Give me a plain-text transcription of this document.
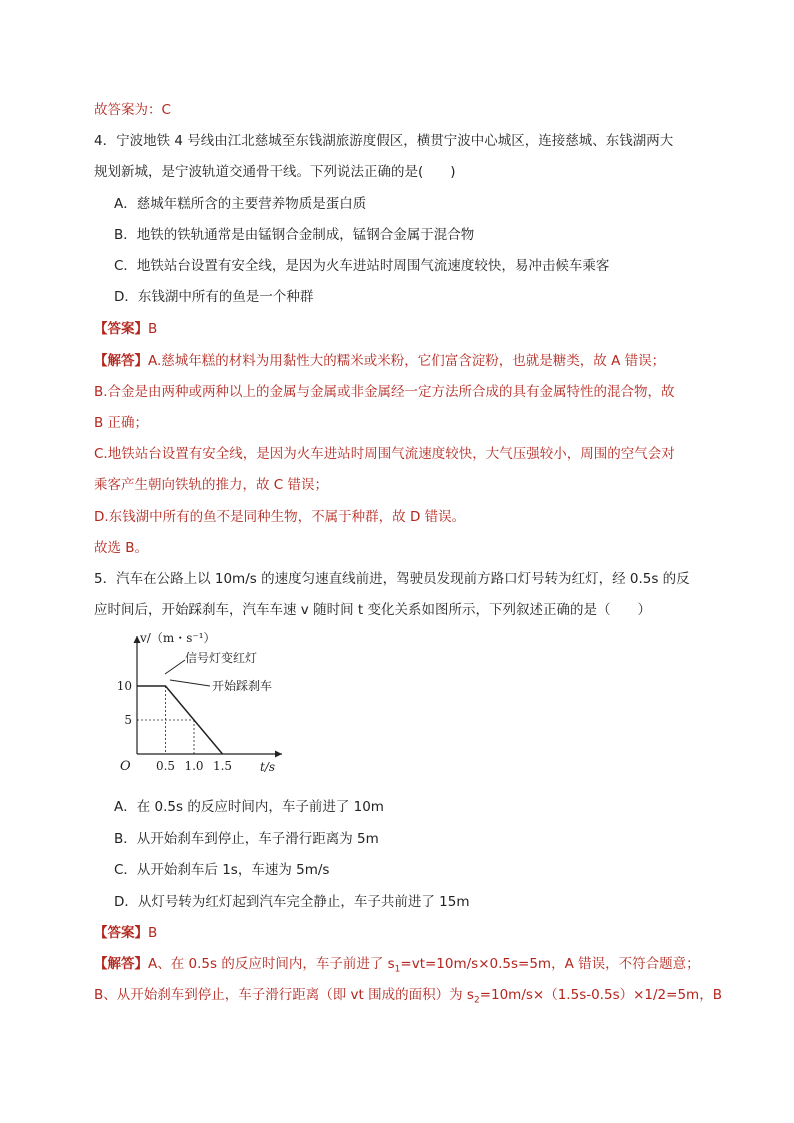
故答案为：C
4．宁波地铁 4 号线由江北慈城至东钱湖旅游度假区，横贯宁波中心城区，连接慈城、东钱湖两大
规划新城，是宁波轨道交通骨干线。下列说法正确的是(　　)
A．慈城年糕所含的主要营养物质是蛋白质
B．地铁的铁轨通常是由锰钢合金制成，锰钢合金属于混合物
C．地铁站台设置有安全线，是因为火车进站时周围气流速度较快，易冲击候车乘客
D．东钱湖中所有的鱼是一个种群
【答案】B
【解答】A.慈城年糕的材料为用黏性大的糯米或米粉，它们富含淀粉，也就是糖类，故 A 错误；
B.合金是由两种或两种以上的金属与金属或非金属经一定方法所合成的具有金属特性的混合物，故
B 正确；
C.地铁站台设置有安全线，是因为火车进站时周围气流速度较快，大气压强较小，周围的空气会对
乘客产生朝向铁轨的推力，故 C 错误；
D.东钱湖中所有的鱼不是同种生物，不属于种群，故 D 错误。
故选 B。
5．汽车在公路上以 10m/s 的速度匀速直线前进，驾驶员发现前方路口灯号转为红灯，经 0.5s 的反
应时间后，开始踩刹车，汽车车速 v 随时间 t 变化关系如图所示，下列叙述正确的是（　　）
0.5 1.0 1.5
10
5
v/（m・s⁻¹）
t/s
O
信号灯变红灯
开始踩刹车
A．在 0.5s 的反应时间内，车子前进了 10m
B．从开始刹车到停止，车子滑行距离为 5m
C．从开始刹车后 1s，车速为 5m/s
D．从灯号转为红灯起到汽车完全静止，车子共前进了 15m
【答案】B
【解答】A、在 0.5s 的反应时间内，车子前进了 $s_1=vt=10m/s\times 0.5s=5m$，A 错误，不符合题意；
B、从开始刹车到停止，车子滑行距离（即 vt 围成的面积）为 $s_2=10m/s\times(1.5s-0.5s)\times 1/2=5m$，B
